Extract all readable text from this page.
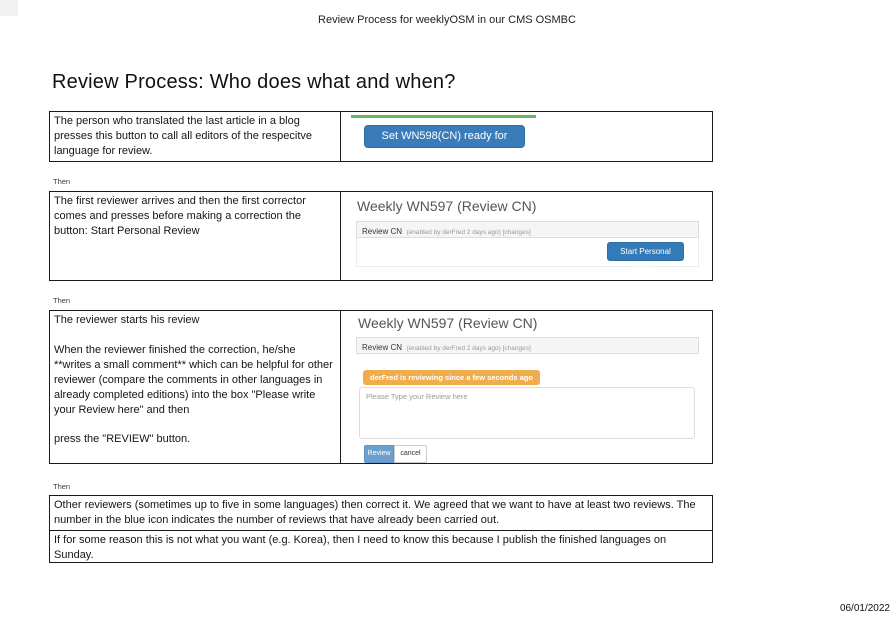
Review Process for weeklyOSM in our CMS OSMBC
Review Process: Who does what and when?
The person who translated the last article in a blog presses this button to call all editors of the respecitve language for review.
Set WN598(CN) ready for review
Then
The first reviewer arrives and then the first corrector comes and presses before making a correction the button: Start Personal Review
Weekly WN597 (Review CN)
Review CN (enabled by derFred 2 days ago) [changes]
Start Personal Review
Then

The reviewer starts his review

When the reviewer finished the correction, he/she **writes a small comment** which can be helpful for other reviewer (compare the comments in other languages in already completed editions) into the box "Please write your Review here" and then

press the "REVIEW" button.

Weekly WN597 (Review CN)
Review CN (enabled by derFred 2 days ago) [changes]
derFred is reviewing since a few seconds ago
Please Type your Review here
Review	cancel
Then
Other reviewers (sometimes up to five in some languages) then correct it. We agreed that we want to have at least two reviews. The number in the blue icon indicates the number of reviews that have already been carried out.
If for some reason this is not what you want (e.g. Korea), then I need to know this because I publish the finished languages on Sunday.
06/01/2022
